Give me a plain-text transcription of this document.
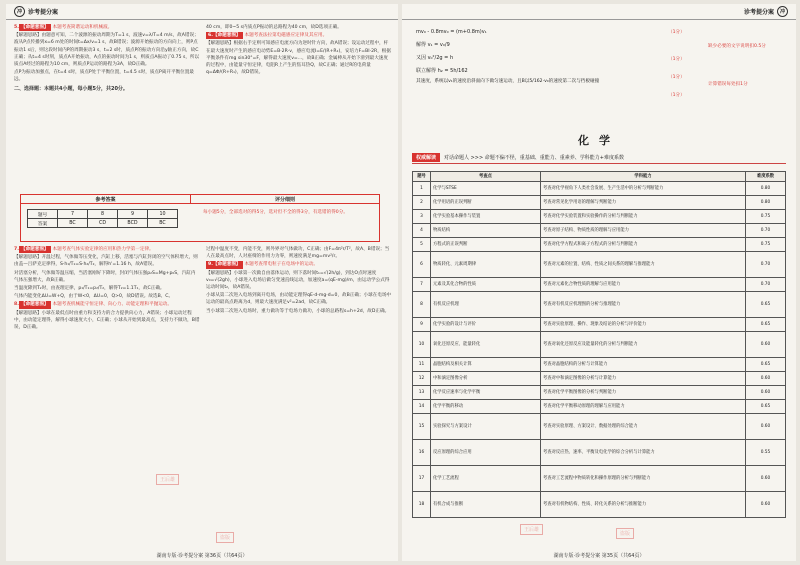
冲	诊考提分案

5. 【命题意图】 本题考查简谐运动和机械波。

【解题思路】由题意可知，二个波源的振动周期为T=1 s，波速v=λ/T=4 m/s，故A错误；波从P点传播到x=6 m处的时间t=Δx/v=1 s，故B错误；波源开始振动的方向向上，则P点振动1 s后，则这段时间内P的周期振动3 s，t=2 s时，质点P的振动方向沿y轴正方向，故C正确；从t=4 s时刻，质点A开始振动，A点的振动时间为1 s，则质点A振动了0.75 s，所以质点A经过的路程为10 cm，则质点P运动的路程为3A，故D正确。

点P为振动加强点，在t=4 s时，质点P处于平衡位置，t=4.5 s时，质点P离开平衡位置最远。

二、选择题：本题共4小题，每小题5分，共20分。

40 cm，即0~5 s内质点P振动的总路程为40 cm，故D选项正确。

6.【命题意图】 本题考查法拉第电磁感应定律及其应用。

【解题思路】根据右手定则可知感应电流方向为逆时针方向，故A错误；设运动过程中，杆在最大速度时产生的感应电动势E=B·2R·v，感应电流I=E/(R+R₁)，安培力F=BI·2R，根据平衡条件有mg sin30°=F，解得最大速度v=...，故B正确；金属棒从开始下滑到最大速度的过程中，由能量守恒定律，电阻R上产生的焦耳热Q，故C正确；通过R的电荷量q=ΔΦ/(R+R₁)，故D错误。

参考答案	评分细则
题号	7	8	9	10
答案	BC	CD	BCD	BC
每小题5分，全部选对的得5分，选对但不全的得3分，有选错的得0分。

7. 【命题意图】 本题考查气体实验定律的应用和热力学第一定律。

【解题思路】开温过程，气体做等压变化，汽缸上移，活塞与汽缸封闭的空气体积增大，则由盖—吕萨克定律得，S·h₁/T₁=S·h₂/T₂，解得h'=1.16 h，故A错误。

对活塞分析，气体做等温压缩，当活塞刚好下降时，封闭气体压强p₂S=Mg+p₀S，汽缸内气体压强增大，故B正确。

当温度降到T₂时，由查理定律，p₁/T₁=p₂/T₂，解得T₂=1.1T₁，故C正确。

气体内能变化ΔU=W+Q，由于W<0，ΔU=0，Q>0，故D错误。故选B、C。

8. 【命题意图】 本题考查机械能守恒定律、向心力、动能定理和平抛运动。

【解题思路】小球在最低点时由重力和支持力的合力提供向心力，A错误；小球运动过程中，由动能定理得，解得小球速度大小，C正确；小球从开始到最高点，支持力不做功，B错误，D正确。

过程中温度不变，内能不变，则外界对气体做功，C正确；由F=4π²r/T²，故A、B错误；当人在最高点时，人对座椅的作用力为零，则速度满足mg=mv²/r。

9.【命题意图】 本题考查带电粒子在电场中的运动。

【解题思路】小球第一次做自由落体运动，则下落时间t₁=√(2h/g)，到达O点时速度v₀=√(2gh)，小球进入电场后做匀变速直线运动，加速度a=(qE-mg)/m，由运动学公式得运动时间t₂，故A错误。

小球从第二次进入电场到离开电场，由动能定理得qE·d-mg·d=0，故B正确；小球在电场中运动的最高点距离为d，则最大速度满足v²=2ad，故C正确。

当小球第二次进入电场时，重力做功等于电场力做功，小球的总路程s=h+2d，故D正确。

王后雄
盗版
湖南专版·诊考提分案 第36页（共64页）
诊考提分案	冲
mv₀ - 0.8mv₀ = (m+0.8m)v₁
解得 v₁ = v₀/9
又因 v₀²/2g = h
联立解得 h₂ = 5h/162
其速度，系统以v₁的速度沿斜面向下做匀速运动，且B以5/162·v₀的速度第二次与挡板碰撞
（1分）
（1分）
（1分）
（1分）
缺少必要的文字说明扣0.5分
计算错误每处扣1分
化学
权威解读	对话命题人 >>> 命题不偏不怪，重基础、重能力、重素养、学科能力+难度系数
题号	考查点	学科能力	难度系数
1	化学与STSE	考查对化学视角下人类社会发展、生产生活中的分析与判断能力	0.80
2	化学用语的正误判断	考查对常见化学用语的理解与判断能力	0.80
3	化学实验基本操作与装置	考查对化学实验装置和实验操作的分析与判断能力	0.75
4	物质结构	考查对原子结构、物质性质的理解与应用能力	0.70
5	方程式的正误判断	考查对化学方程式和离子方程式的分析与判断能力	0.75
6	物质转化、元素周期律	考查对元素的位置、结构、性质之间关系的理解与推理能力	0.70
7	元素及其化合物的性质	考查对元素化合物性质的理解与应用能力	0.70
8	有机反应机理	考查对有机反应机理图的分析与推理能力	0.65
9	化学实验的设计与评价	考查对实验原理、操作、现象及结论的分析与评价能力	0.65
10	氧化还原反应、能量转化	考查对氧化还原反应及能量转化的分析与判断能力	0.60
11	晶胞结构及相关计算	考查对晶胞结构的分析与计算能力	0.65
12	中和滴定图像分析	考查对中和滴定图像的分析与计算能力	0.60
13	化学反应速率与化学平衡	考查对化学平衡图像的分析与判断能力	0.60
14	化学平衡的移动	考查对化学平衡移动原理的理解与应用能力	0.65
15	实验探究与方案设计	考查对实验原理、方案设计、数据处理的综合能力	0.60
16	反应原理的综合应用	考查对反应热、速率、平衡及电化学的综合分析与计算能力	0.55
17	化学工艺流程	考查对工艺流程中物质转化和操作原理的分析与判断能力	0.60
18	有机合成与推断	考查对有机物结构、性质、转化关系的分析与推断能力	0.60
王后雄
盗版
湖南专版·诊考提分案 第35页（共64页）
